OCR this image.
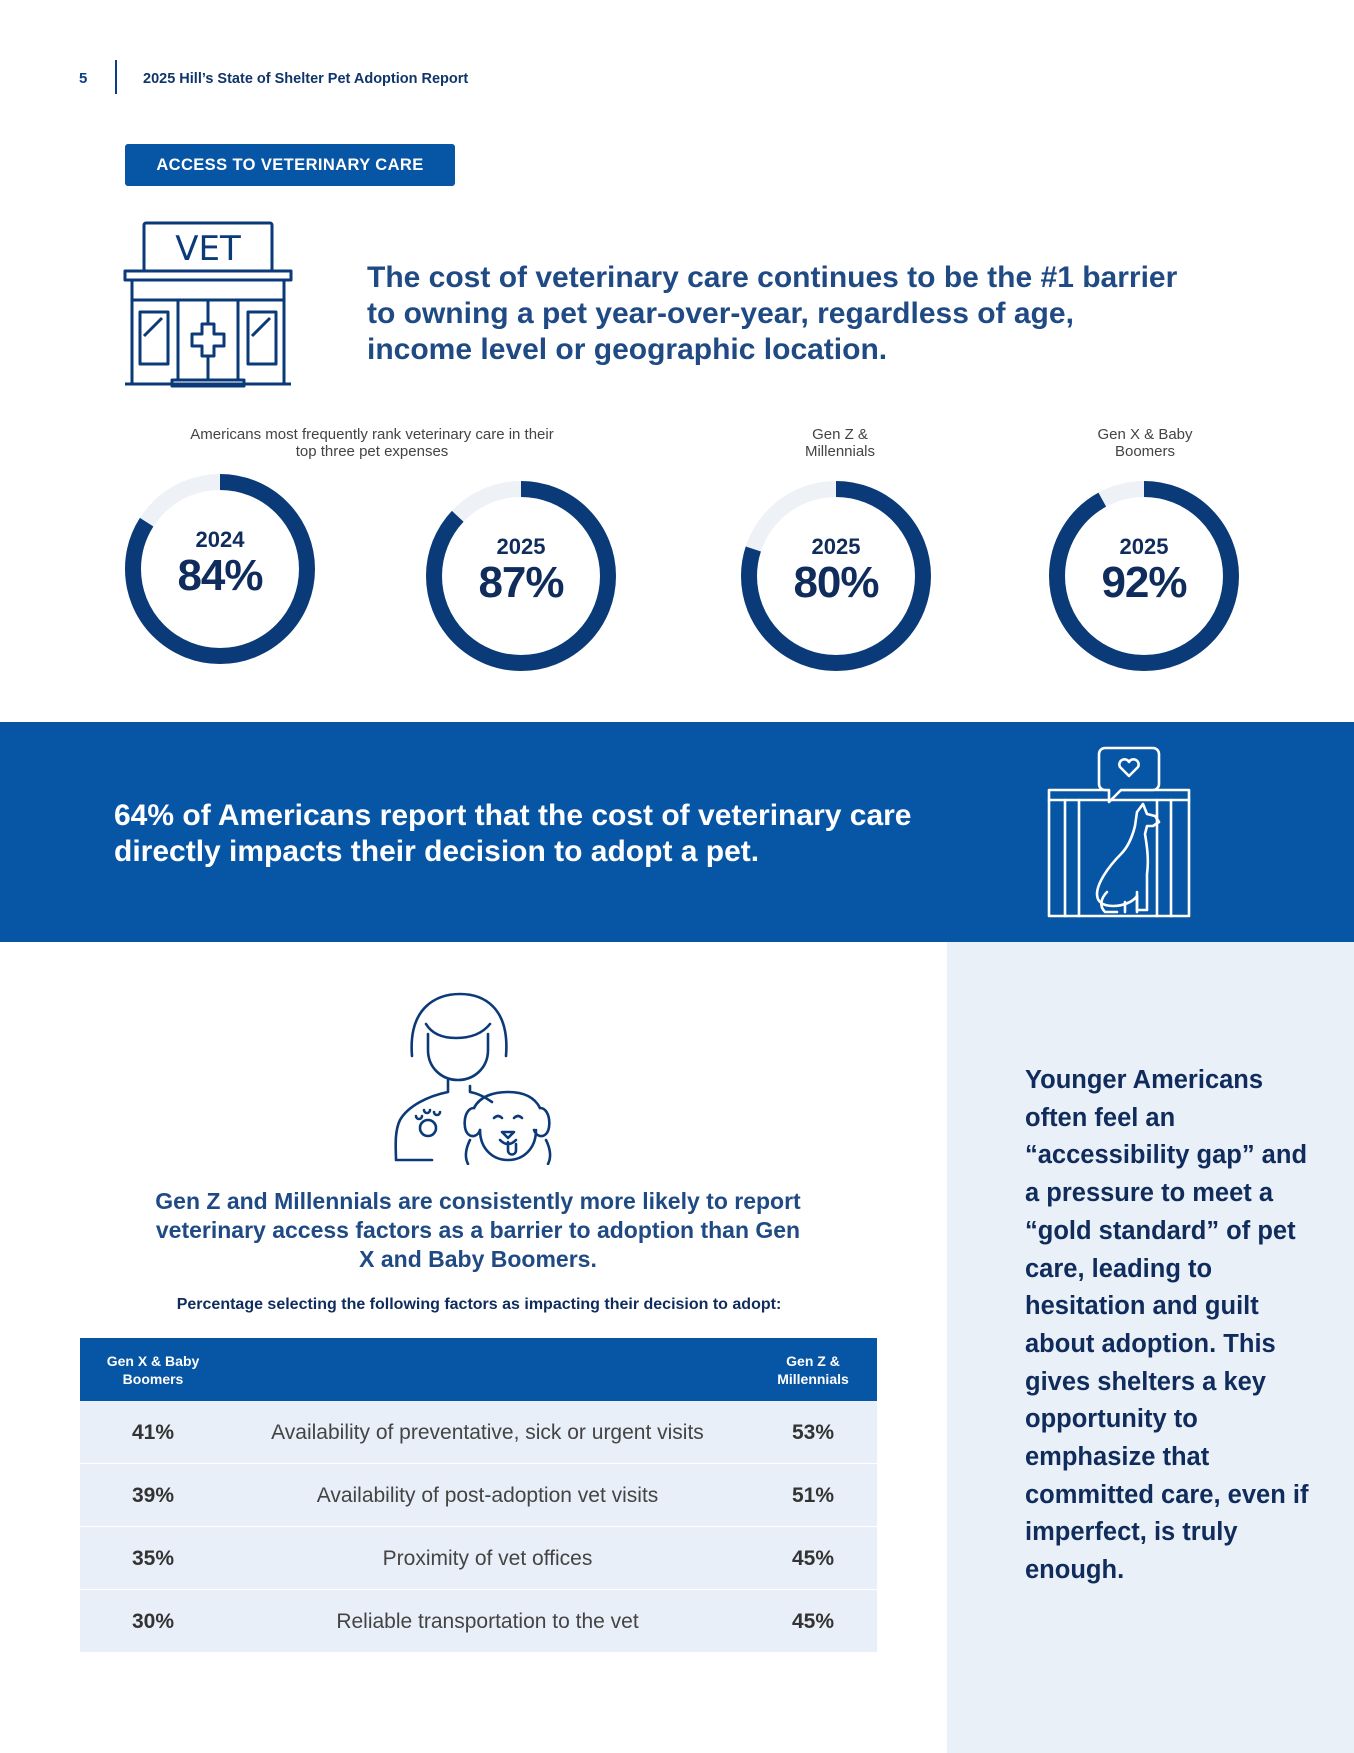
5	2025 Hill’s State of Shelter Pet Adoption Report
ACCESS TO VETERINARY CARE
VET
The cost of veterinary care continues to be the #1 barrier to owning a pet year-over-year, regardless of age, income level or geographic location.
Americans most frequently rank veterinary care in their top three pet expenses
Gen Z & Millennials
Gen X & Baby Boomers
2024
84%
2025
87%
2025
80%
2025
92%
64% of Americans report that the cost of veterinary care directly impacts their decision to adopt a pet.
Younger Americans often feel an “accessibility gap” and a pressure to meet a “gold standard” of pet care, leading to hesitation and guilt about adoption. This gives shelters a key opportunity to emphasize that committed care, even if imperfect, is truly enough.
Gen Z and Millennials are consistently more likely to report veterinary access factors as a barrier to adoption than Gen X and Baby Boomers.
Percentage selecting the following factors as impacting their decision to adopt:
Gen X & Baby Boomers
Gen Z & Millennials
41%	Availability of preventative, sick or urgent visits	53%
39%	Availability of post-adoption vet visits	51%
35%	Proximity of vet offices	45%
30%	Reliable transportation to the vet	45%
